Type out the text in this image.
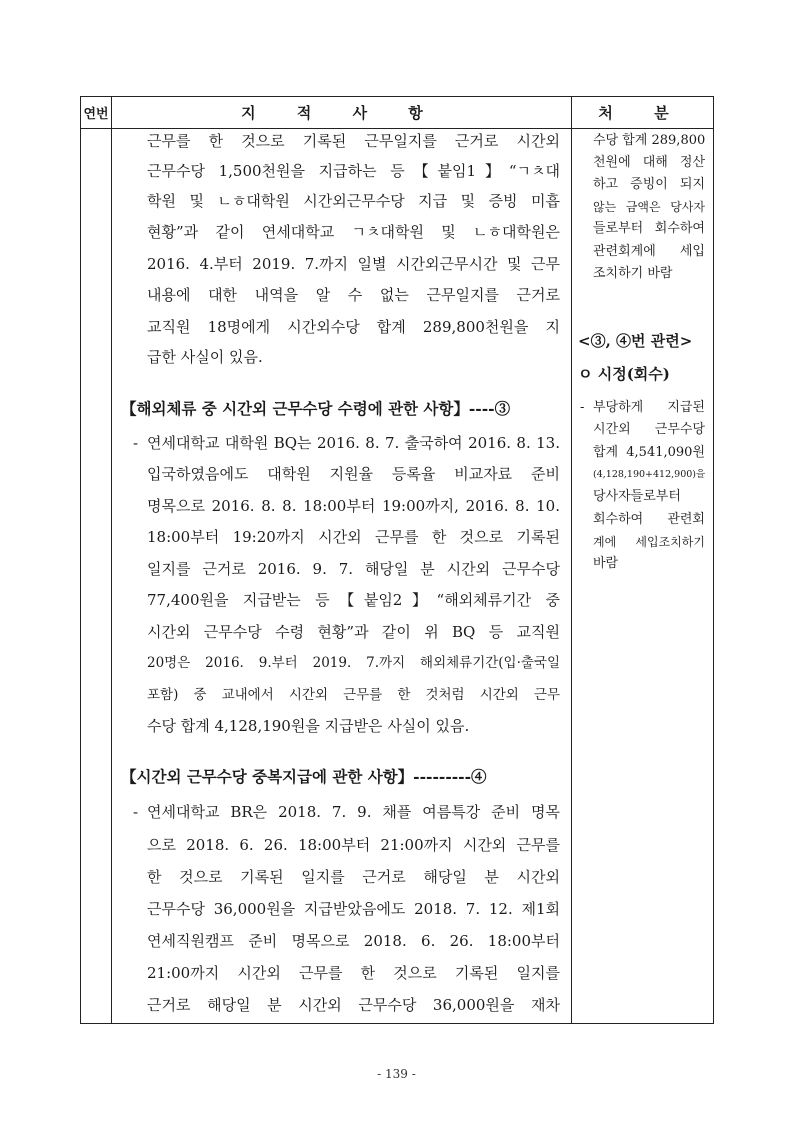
연번	지 적 사 항	처 분
근무를 한 것으로 기록된 근무일지를 근거로 시간외
근무수당 1,500천원을 지급하는 등【붙임1】“ㄱㅊ대
학원 및 ㄴㅎ대학원 시간외근무수당 지급 및 증빙 미흡
현황”과 같이 연세대학교 ㄱㅊ대학원 및 ㄴㅎ대학원은
2016. 4.부터 2019. 7.까지 일별 시간외근무시간 및 근무
내용에 대한 내역을 알 수 없는 근무일지를 근거로
교직원 18명에게 시간외수당 합계 289,800천원을 지
급한 사실이 있음.
【해외체류 중 시간외 근무수당 수령에 관한 사항】----③
- 연세대학교 대학원 BQ는 2016. 8. 7. 출국하여 2016. 8. 13.
입국하였음에도 대학원 지원율 등록율 비교자료 준비
명목으로 2016. 8. 8. 18:00부터 19:00까지, 2016. 8. 10.
18:00부터 19:20까지 시간외 근무를 한 것으로 기록된
일지를 근거로 2016. 9. 7. 해당일 분 시간외 근무수당
77,400원을 지급받는 등【붙임2】“해외체류기간 중
시간외 근무수당 수령 현황”과 같이 위 BQ 등 교직원
20명은 2016. 9.부터 2019. 7.까지 해외체류기간(입·출국일
포함) 중 교내에서 시간외 근무를 한 것처럼 시간외 근무
수당 합계 4,128,190원을 지급받은 사실이 있음.
【시간외 근무수당 중복지급에 관한 사항】---------④
- 연세대학교 BR은 2018. 7. 9. 채플 여름특강 준비 명목
으로 2018. 6. 26. 18:00부터 21:00까지 시간외 근무를
한 것으로 기록된 일지를 근거로 해당일 분 시간외
근무수당 36,000원을 지급받았음에도 2018. 7. 12. 제1회
연세직원캠프 준비 명목으로 2018. 6. 26. 18:00부터
21:00까지 시간외 근무를 한 것으로 기록된 일지를
근거로 해당일 분 시간외 근무수당 36,000원을 재차
수당 합계 289,800
천원에 대해 정산
하고 증빙이 되지
않는 금액은 당사자
들로부터 회수하여
관련회계에 세입
조치하기 바람
<③, ④번 관련>
ㅇ 시정(회수)
- 부당하게 지급된
시간외 근무수당
합계 4,541,090원
(4,128,190+412,900)을
당사자들로부터
회수하여 관련회
계에 세입조치하기
바람
- 139 -
